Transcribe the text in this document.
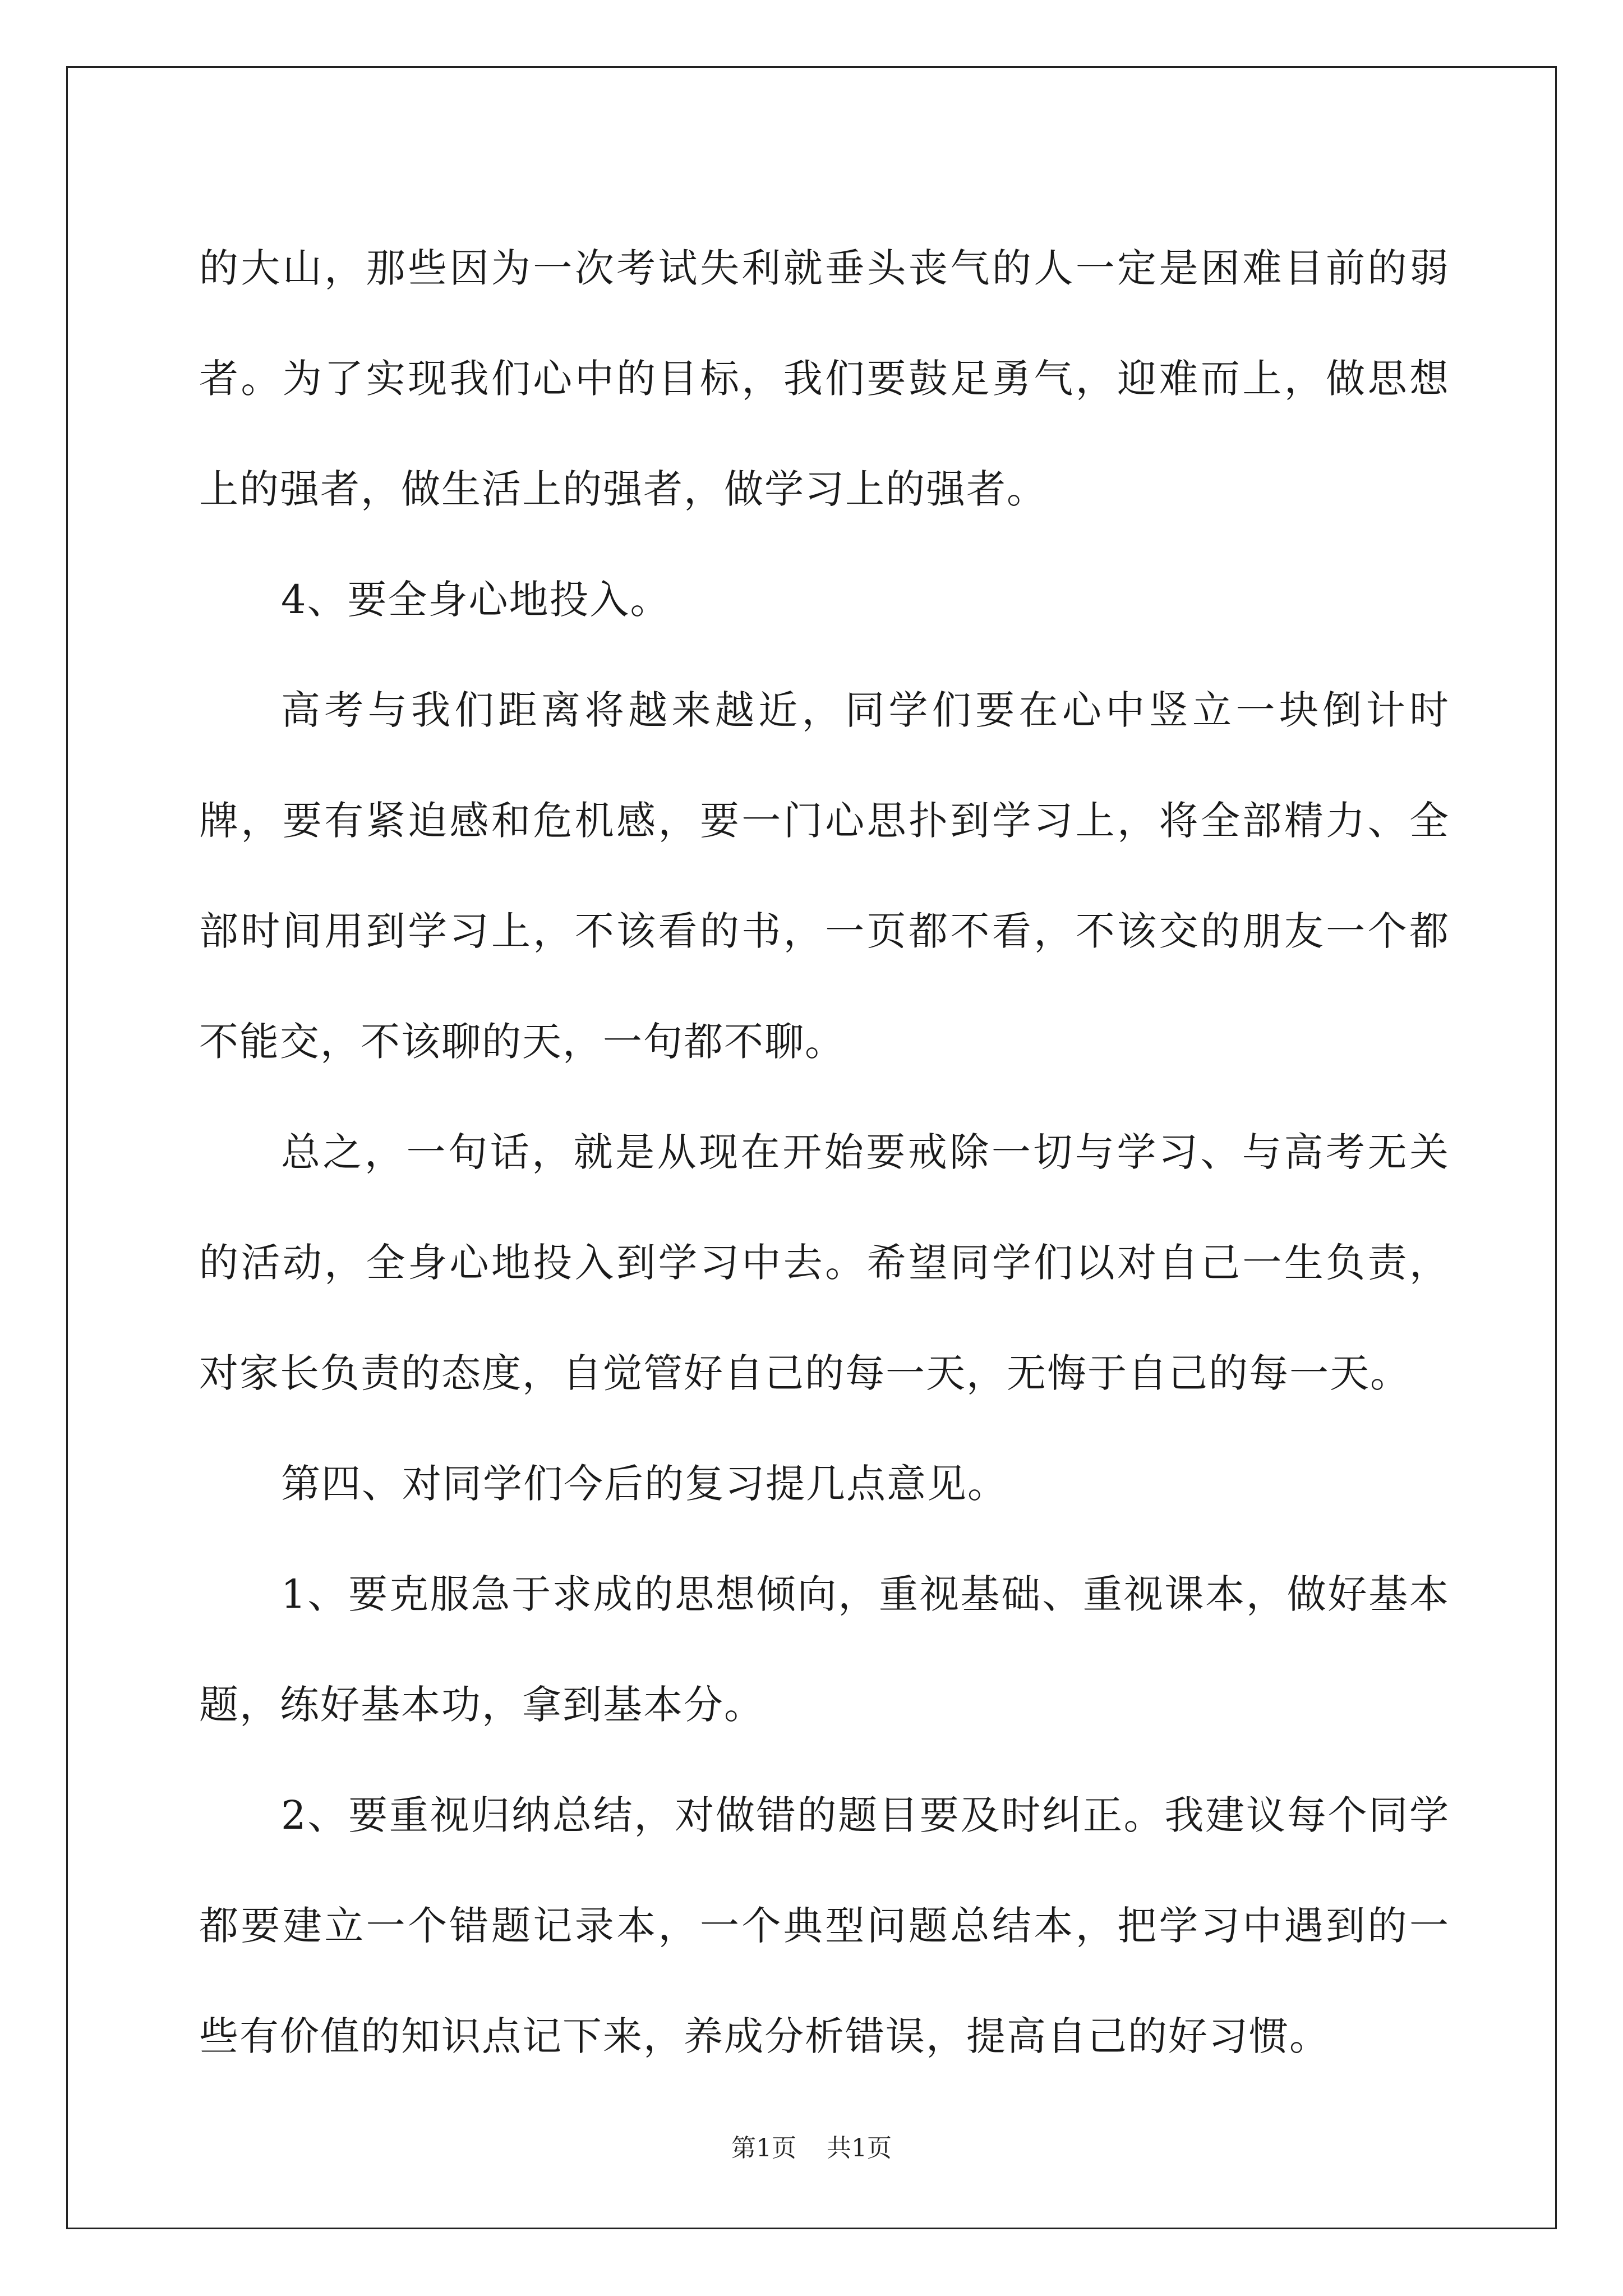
的大山，那些因为一次考试失利就垂头丧气的人一定是困难目前的弱者。为了实现我们心中的目标，我们要鼓足勇气，迎难而上，做思想上的强者，做生活上的强者，做学习上的强者。

4、要全身心地投入。

高考与我们距离将越来越近，同学们要在心中竖立一块倒计时牌，要有紧迫感和危机感，要一门心思扑到学习上，将全部精力、全部时间用到学习上，不该看的书，一页都不看，不该交的朋友一个都不能交，不该聊的天，一句都不聊。

总之，一句话，就是从现在开始要戒除一切与学习、与高考无关的活动，全身心地投入到学习中去。希望同学们以对自己一生负责，对家长负责的态度，自觉管好自己的每一天，无悔于自己的每一天。

第四、对同学们今后的复习提几点意见。

1、要克服急于求成的思想倾向，重视基础、重视课本，做好基本题，练好基本功，拿到基本分。

2、要重视归纳总结，对做错的题目要及时纠正。我建议每个同学都要建立一个错题记录本，一个典型问题总结本，把学习中遇到的一些有价值的知识点记下来，养成分析错误，提高自己的好习惯。

第1页 共1页
